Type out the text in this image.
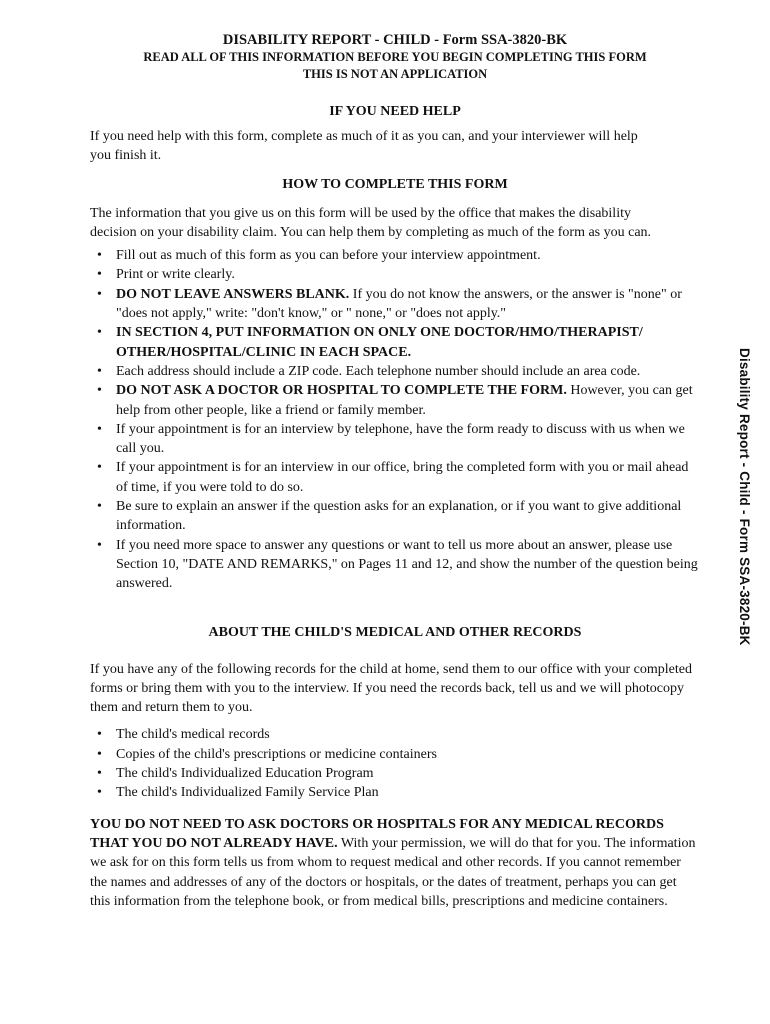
DISABILITY REPORT - CHILD - Form SSA-3820-BK
READ ALL OF THIS INFORMATION BEFORE YOU BEGIN COMPLETING THIS FORM
THIS IS NOT AN APPLICATION
IF YOU NEED HELP

If you need help with this form, complete as much of it as you can, and your interviewer will help you finish it.

HOW TO COMPLETE THIS FORM

The information that you give us on this form will be used by the office that makes the disability decision on your disability claim. You can help them by completing as much of the form as you can.

• Fill out as much of this form as you can before your interview appointment.
• Print or write clearly.
• DO NOT LEAVE ANSWERS BLANK. If you do not know the answers, or the answer is "none" or "does not apply," write: "don't know," or " none," or "does not apply."
• IN SECTION 4, PUT INFORMATION ON ONLY ONE DOCTOR/HMO/THERAPIST/ OTHER/HOSPITAL/CLINIC IN EACH SPACE.
• Each address should include a ZIP code. Each telephone number should include an area code.
• DO NOT ASK A DOCTOR OR HOSPITAL TO COMPLETE THE FORM. However, you can get help from other people, like a friend or family member.
• If your appointment is for an interview by telephone, have the form ready to discuss with us when we call you.
• If your appointment is for an interview in our office, bring the completed form with you or mail ahead of time, if you were told to do so.
• Be sure to explain an answer if the question asks for an explanation, or if you want to give additional information.
• If you need more space to answer any questions or want to tell us more about an answer, please use Section 10, "DATE AND REMARKS," on Pages 11 and 12, and show the number of the question being answered.
ABOUT THE CHILD'S MEDICAL AND OTHER RECORDS

If you have any of the following records for the child at home, send them to our office with your completed forms or bring them with you to the interview. If you need the records back, tell us and we will photocopy them and return them to you.

• The child's medical records
• Copies of the child's prescriptions or medicine containers
• The child's Individualized Education Program
• The child's Individualized Family Service Plan

YOU DO NOT NEED TO ASK DOCTORS OR HOSPITALS FOR ANY MEDICAL RECORDS THAT YOU DO NOT ALREADY HAVE. With your permission, we will do that for you. The information we ask for on this form tells us from whom to request medical and other records. If you cannot remember the names and addresses of any of the doctors or hospitals, or the dates of treatment, perhaps you can get this information from the telephone book, or from medical bills, prescriptions and medicine containers.

Disability Report - Child - Form SSA-3820-BK
